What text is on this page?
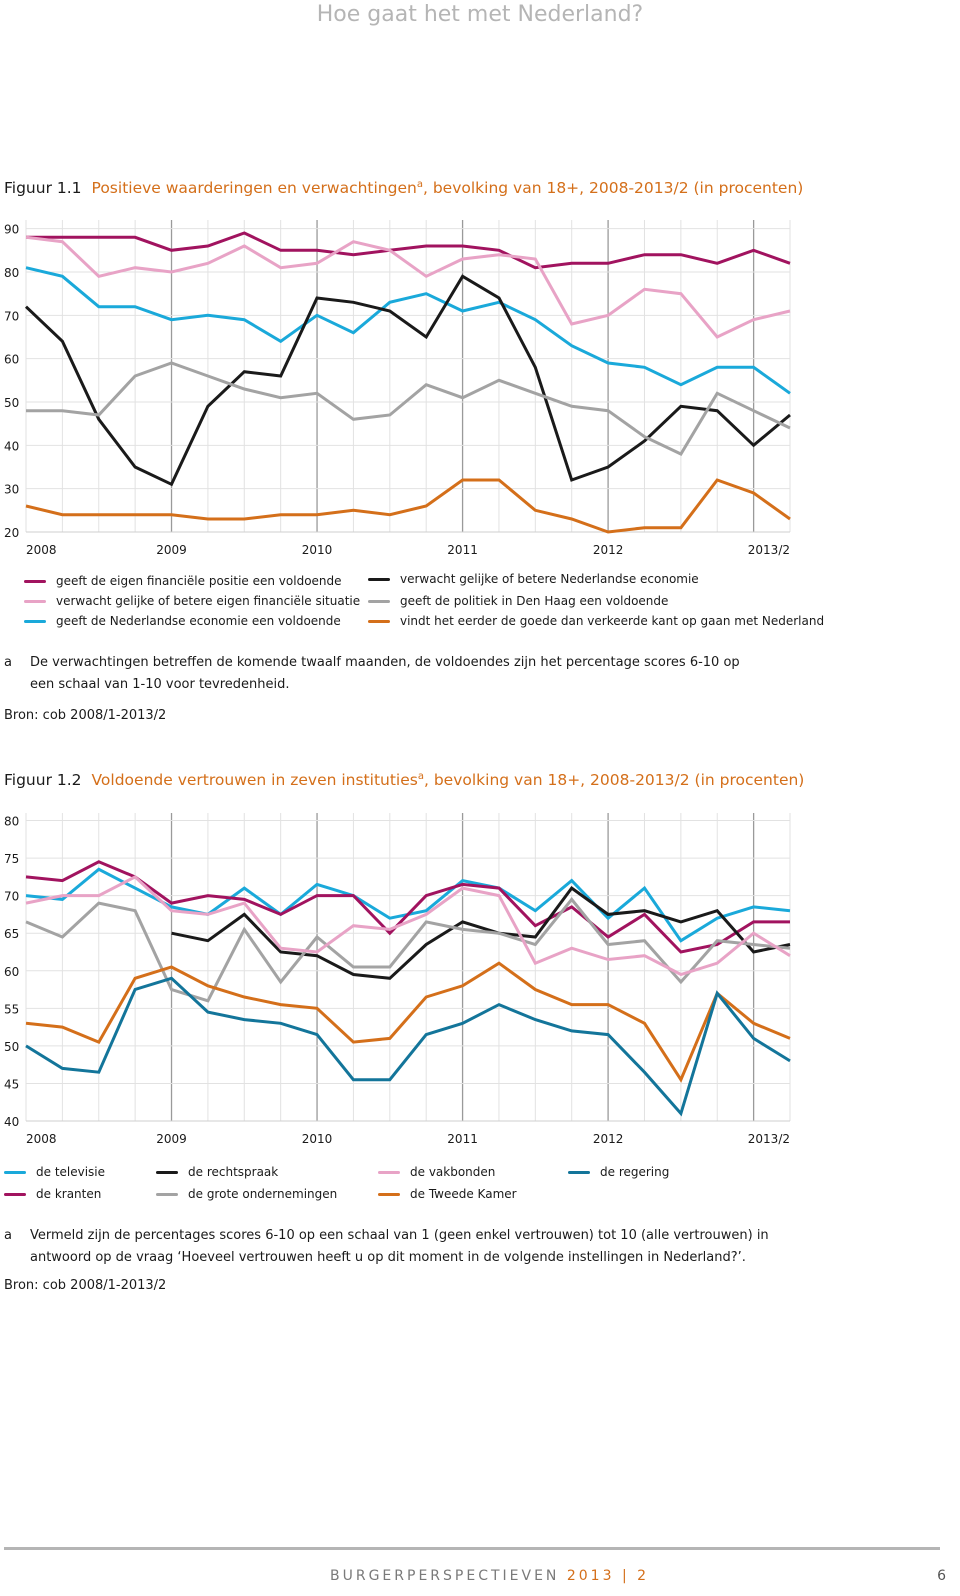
Hoe gaat het met Nederland?
Figuur 1.1 Positieve waarderingen en verwachtingen$^a$, bevolking van 18+, 2008-2013/2 (in procenten)
20
30
40
50
60
70
80
90
2008	2009	2010	2011	2012	2013/2
geeft de eigen financiële positie een voldoende
verwacht gelijke of betere eigen financiële situatie
geeft de Nederlandse economie een voldoende
verwacht gelijke of betere Nederlandse economie
geeft de politiek in Den Haag een voldoende
vindt het eerder de goede dan verkeerde kant op gaan met Nederland
a De verwachtingen betreffen de komende twaalf maanden, de voldoendes zijn het percentage scores 6-10 op een schaal van 1-10 voor tevredenheid.
Bron: cob 2008/1-2013/2
Figuur 1.2 Voldoende vertrouwen in zeven instituties$^a$, bevolking van 18+, 2008-2013/2 (in procenten)
40
45
50
55
60
65
70
75
80
2008	2009	2010	2011	2012	2013/2
de televisie
de kranten
de rechtspraak
de grote ondernemingen
de vakbonden
de Tweede Kamer
de regering
a Vermeld zijn de percentages scores 6-10 op een schaal van 1 (geen enkel vertrouwen) tot 10 (alle vertrouwen) in antwoord op de vraag ‘Hoeveel vertrouwen heeft u op dit moment in de volgende instellingen in Nederland?’.
Bron: cob 2008/1-2013/2
BURGERPERSPECTIEVEN 2013 | 2	6
